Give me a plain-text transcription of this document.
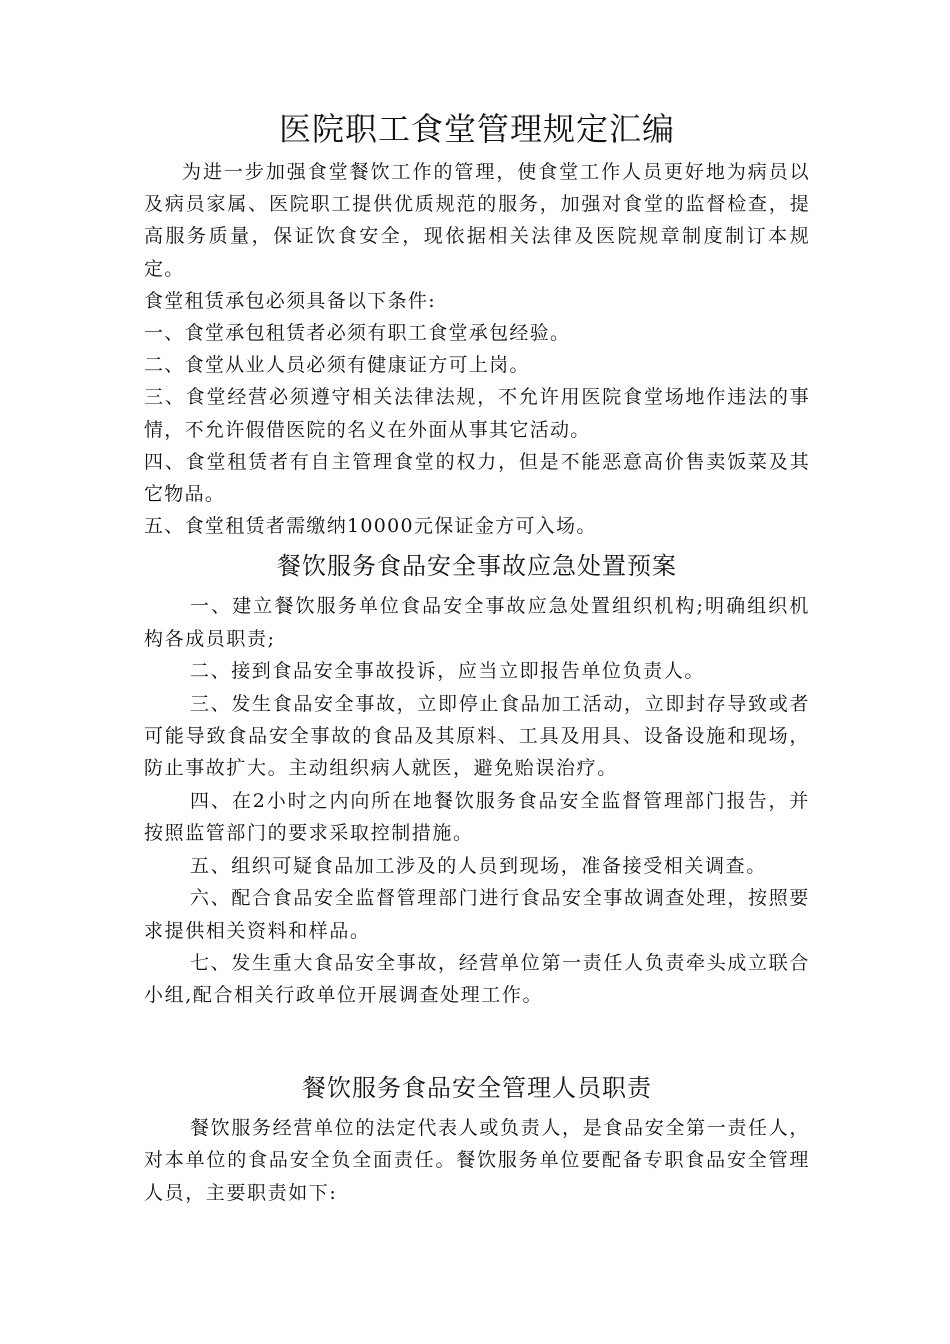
医院职工食堂管理规定汇编

为进一步加强食堂餐饮工作的管理，使食堂工作人员更好地为病员以及病员家属、医院职工提供优质规范的服务，加强对食堂的监督检查，提高服务质量，保证饮食安全，现依据相关法律及医院规章制度制订本规定。

食堂租赁承包必须具备以下条件:

一、食堂承包租赁者必须有职工食堂承包经验。

二、食堂从业人员必须有健康证方可上岗。

三、食堂经营必须遵守相关法律法规，不允许用医院食堂场地作违法的事情，不允许假借医院的名义在外面从事其它活动。

四、食堂租赁者有自主管理食堂的权力，但是不能恶意高价售卖饭菜及其它物品。

五、食堂租赁者需缴纳10000元保证金方可入场。

餐饮服务食品安全事故应急处置预案

一、建立餐饮服务单位食品安全事故应急处置组织机构;明确组织机构各成员职责;

二、接到食品安全事故投诉，应当立即报告单位负责人。

三、发生食品安全事故，立即停止食品加工活动，立即封存导致或者可能导致食品安全事故的食品及其原料、工具及用具、设备设施和现场，防止事故扩大。主动组织病人就医，避免贻误治疗。

四、在2小时之内向所在地餐饮服务食品安全监督管理部门报告，并按照监管部门的要求采取控制措施。

五、组织可疑食品加工涉及的人员到现场，准备接受相关调查。

六、配合食品安全监督管理部门进行食品安全事故调查处理，按照要求提供相关资料和样品。

七、发生重大食品安全事故，经营单位第一责任人负责牵头成立联合小组,配合相关行政单位开展调查处理工作。

餐饮服务食品安全管理人员职责

餐饮服务经营单位的法定代表人或负责人，是食品安全第一责任人，对本单位的食品安全负全面责任。餐饮服务单位要配备专职食品安全管理人员，主要职责如下:
